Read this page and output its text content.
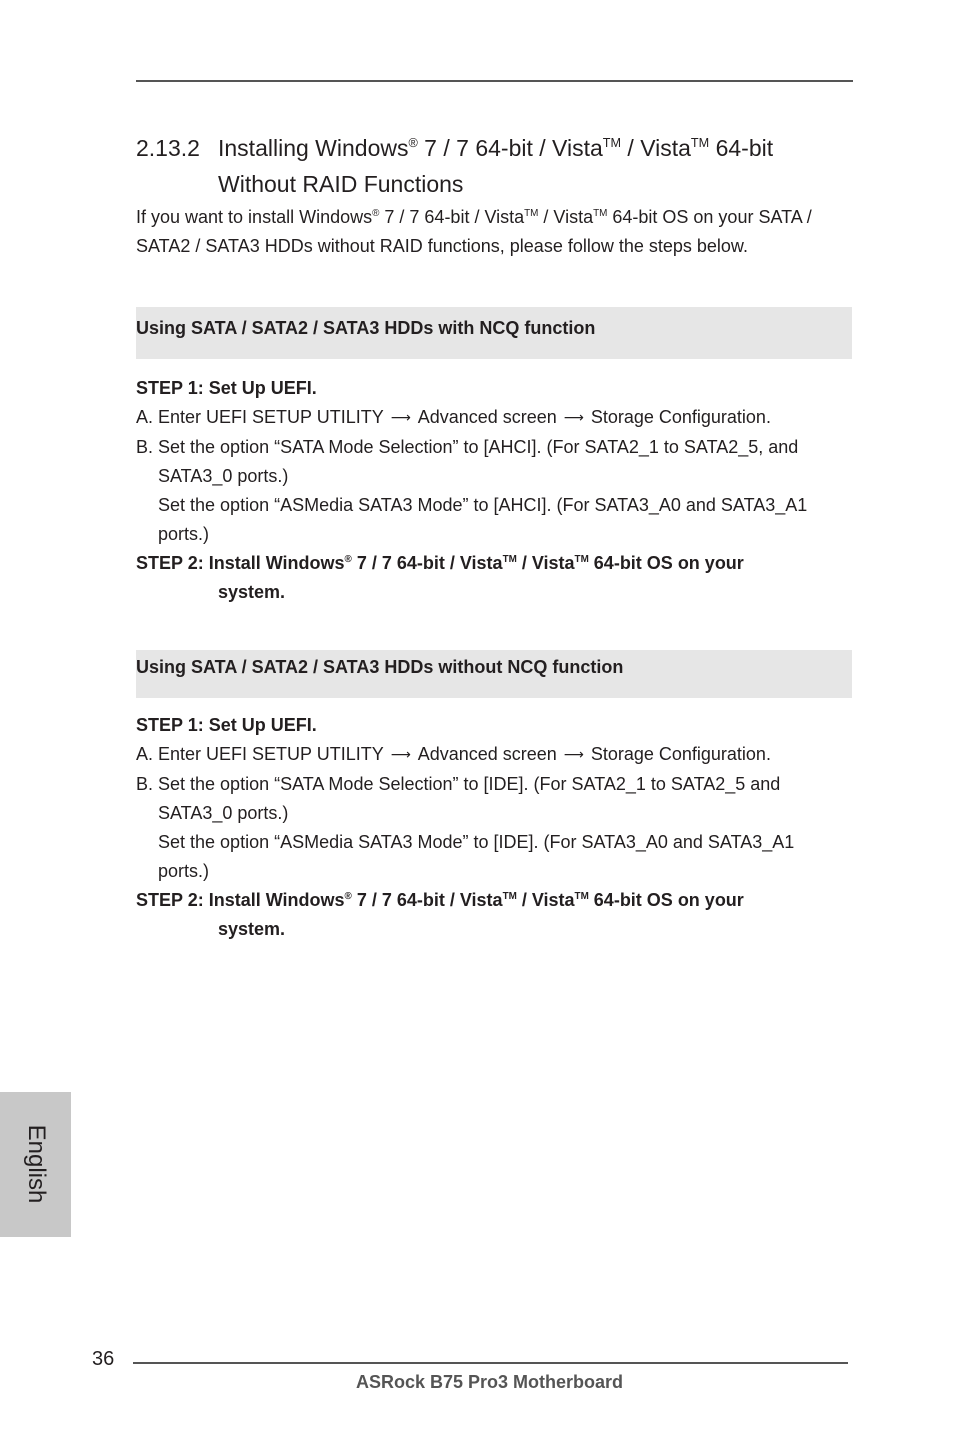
2.13.2 Installing Windows® 7 / 7 64-bit / Vista™ / Vista™ 64-bit
Without RAID Functions
If you want to install Windows® 7 / 7 64-bit / Vista™ / Vista™ 64-bit OS on your SATA / SATA2 / SATA3 HDDs without RAID functions, please follow the steps below.
Using SATA / SATA2 / SATA3 HDDs with NCQ function

STEP 1: Set Up UEFI.

A. Enter UEFI SETUP UTILITY ⟶ Advanced screen ⟶ Storage Configuration.

B. Set the option “SATA Mode Selection” to [AHCI]. (For SATA2_1 to SATA2_5, and

SATA3_0 ports.)

Set the option “ASMedia SATA3 Mode” to [AHCI]. (For SATA3_A0 and SATA3_A1

ports.)

STEP 2: Install Windows® 7 / 7 64-bit / Vista™ / Vista™ 64-bit OS on your

system.

Using SATA / SATA2 / SATA3 HDDs without NCQ function

STEP 1: Set Up UEFI.

A. Enter UEFI SETUP UTILITY ⟶ Advanced screen ⟶ Storage Configuration.

B. Set the option “SATA Mode Selection” to [IDE]. (For SATA2_1 to SATA2_5 and

SATA3_0 ports.)

Set the option “ASMedia SATA3 Mode” to [IDE]. (For SATA3_A0 and SATA3_A1

ports.)

STEP 2: Install Windows® 7 / 7 64-bit / Vista™ / Vista™ 64-bit OS on your

system.

English
36
ASRock B75 Pro3 Motherboard
